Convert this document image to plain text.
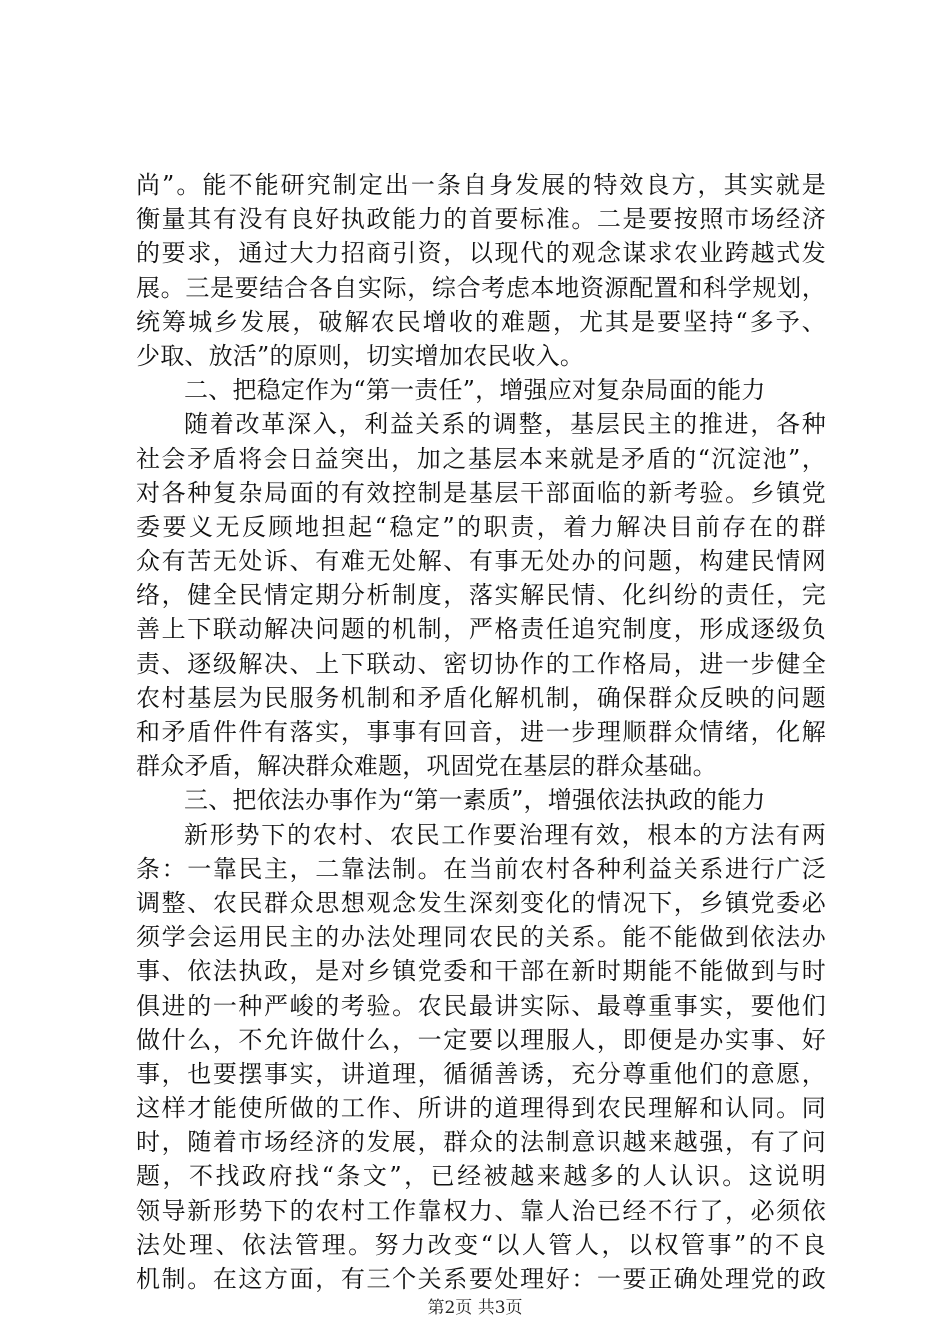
尚”。能不能研究制定出一条自身发展的特效良方，其实就是
衡量其有没有良好执政能力的首要标准。二是要按照市场经济
的要求，通过大力招商引资，以现代的观念谋求农业跨越式发
展。三是要结合各自实际，综合考虑本地资源配置和科学规划，
统筹城乡发展，破解农民增收的难题，尤其是要坚持“多予、
少取、放活”的原则，切实增加农民收入。
二、把稳定作为“第一责任”，增强应对复杂局面的能力
随着改革深入，利益关系的调整，基层民主的推进，各种
社会矛盾将会日益突出，加之基层本来就是矛盾的“沉淀池”，
对各种复杂局面的有效控制是基层干部面临的新考验。乡镇党
委要义无反顾地担起“稳定”的职责，着力解决目前存在的群
众有苦无处诉、有难无处解、有事无处办的问题，构建民情网
络，健全民情定期分析制度，落实解民情、化纠纷的责任，完
善上下联动解决问题的机制，严格责任追究制度，形成逐级负
责、逐级解决、上下联动、密切协作的工作格局，进一步健全
农村基层为民服务机制和矛盾化解机制，确保群众反映的问题
和矛盾件件有落实，事事有回音，进一步理顺群众情绪，化解
群众矛盾，解决群众难题，巩固党在基层的群众基础。
三、把依法办事作为“第一素质”，增强依法执政的能力
新形势下的农村、农民工作要治理有效，根本的方法有两
条：一靠民主，二靠法制。在当前农村各种利益关系进行广泛
调整、农民群众思想观念发生深刻变化的情况下，乡镇党委必
须学会运用民主的办法处理同农民的关系。能不能做到依法办
事、依法执政，是对乡镇党委和干部在新时期能不能做到与时
俱进的一种严峻的考验。农民最讲实际、最尊重事实，要他们
做什么，不允许做什么，一定要以理服人，即便是办实事、好
事，也要摆事实，讲道理，循循善诱，充分尊重他们的意愿，
这样才能使所做的工作、所讲的道理得到农民理解和认同。同
时，随着市场经济的发展，群众的法制意识越来越强，有了问
题，不找政府找“条文”，已经被越来越多的人认识。这说明
领导新形势下的农村工作靠权力、靠人治已经不行了，必须依
法处理、依法管理。努力改变“以人管人，以权管事”的不良
机制。在这方面，有三个关系要处理好：一要正确处理党的政
第2页 共3页
